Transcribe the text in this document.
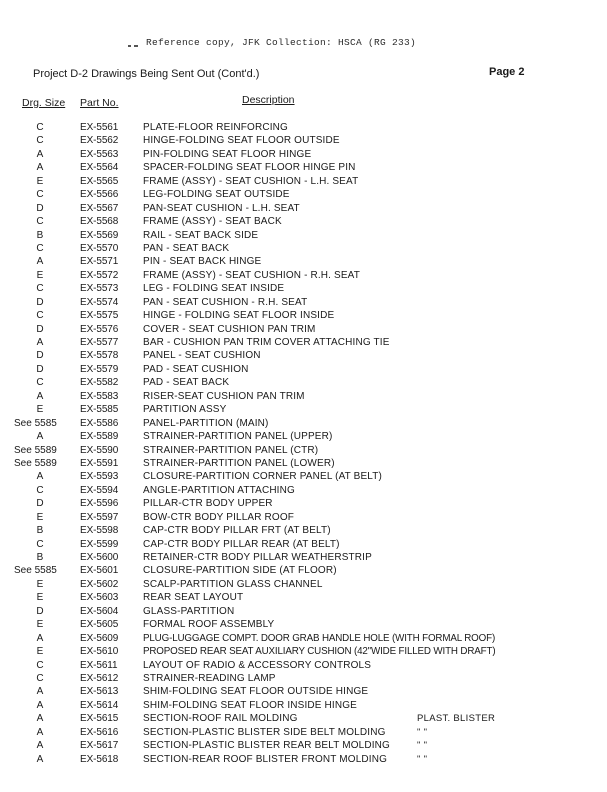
Reference copy, JFK Collection: HSCA (RG 233)
Project D-2 Drawings Being Sent Out (Cont'd.)	Page 2
Drg. Size Part No.	Description
C	EX-5561 PLATE-FLOOR REINFORCING
C	EX-5562 HINGE-FOLDING SEAT FLOOR OUTSIDE
A	EX-5563 PIN-FOLDING SEAT FLOOR HINGE
A	EX-5564 SPACER-FOLDING SEAT FLOOR HINGE PIN
E	EX-5565 FRAME (ASSY) - SEAT CUSHION - L.H. SEAT
C	EX-5566 LEG-FOLDING SEAT OUTSIDE
D	EX-5567 PAN-SEAT CUSHION - L.H. SEAT
C	EX-5568 FRAME (ASSY) - SEAT BACK
B	EX-5569 RAIL - SEAT BACK SIDE
C	EX-5570 PAN - SEAT BACK
A	EX-5571 PIN - SEAT BACK HINGE
E	EX-5572 FRAME (ASSY) - SEAT CUSHION - R.H. SEAT
C	EX-5573 LEG - FOLDING SEAT INSIDE
D	EX-5574 PAN - SEAT CUSHION - R.H. SEAT
C	EX-5575 HINGE - FOLDING SEAT FLOOR INSIDE
D	EX-5576 COVER - SEAT CUSHION PAN TRIM
A	EX-5577 BAR - CUSHION PAN TRIM COVER ATTACHING TIE
D	EX-5578 PANEL - SEAT CUSHION
D	EX-5579 PAD - SEAT CUSHION
C	EX-5582 PAD - SEAT BACK
A	EX-5583 RISER-SEAT CUSHION PAN TRIM
E	EX-5585 PARTITION ASSY
See 5585 EX-5586 PANEL-PARTITION (MAIN)
A	EX-5589 STRAINER-PARTITION PANEL (UPPER)
See 5589 EX-5590 STRAINER-PARTITION PANEL (CTR)
See 5589 EX-5591 STRAINER-PARTITION PANEL (LOWER)
A	EX-5593 CLOSURE-PARTITION CORNER PANEL (AT BELT)
C	EX-5594 ANGLE-PARTITION ATTACHING
D	EX-5596 PILLAR-CTR BODY UPPER
E	EX-5597 BOW-CTR BODY PILLAR ROOF
B	EX-5598 CAP-CTR BODY PILLAR FRT (AT BELT)
C	EX-5599 CAP-CTR BODY PILLAR REAR (AT BELT)
B	EX-5600 RETAINER-CTR BODY PILLAR WEATHERSTRIP
See 5585 EX-5601 CLOSURE-PARTITION SIDE (AT FLOOR)
E	EX-5602 SCALP-PARTITION GLASS CHANNEL
E	EX-5603 REAR SEAT LAYOUT
D	EX-5604 GLASS-PARTITION
E	EX-5605 FORMAL ROOF ASSEMBLY
A	EX-5609	PLUG-LUGGAGE COMPT. DOOR GRAB HANDLE HOLE (WITH FORMAL ROOF)
E	EX-5610	PROPOSED REAR SEAT AUXILIARY CUSHION (42"WIDE FILLED WITH DRAFT)
C	EX-5611	LAYOUT OF RADIO & ACCESSORY CONTROLS
C	EX-5612 STRAINER-READING LAMP
A	EX-5613 SHIM-FOLDING SEAT FLOOR OUTSIDE HINGE
A	EX-5614 SHIM-FOLDING SEAT FLOOR INSIDE HINGE
A	EX-5615 SECTION-ROOF RAIL MOLDING	PLAST. BLISTER
A	EX-5616 SECTION-PLASTIC BLISTER SIDE BELT MOLDING	" "
A	EX-5617 SECTION-PLASTIC BLISTER REAR BELT MOLDING	" "
A	EX-5618 SECTION-REAR ROOF BLISTER FRONT MOLDING	" "
